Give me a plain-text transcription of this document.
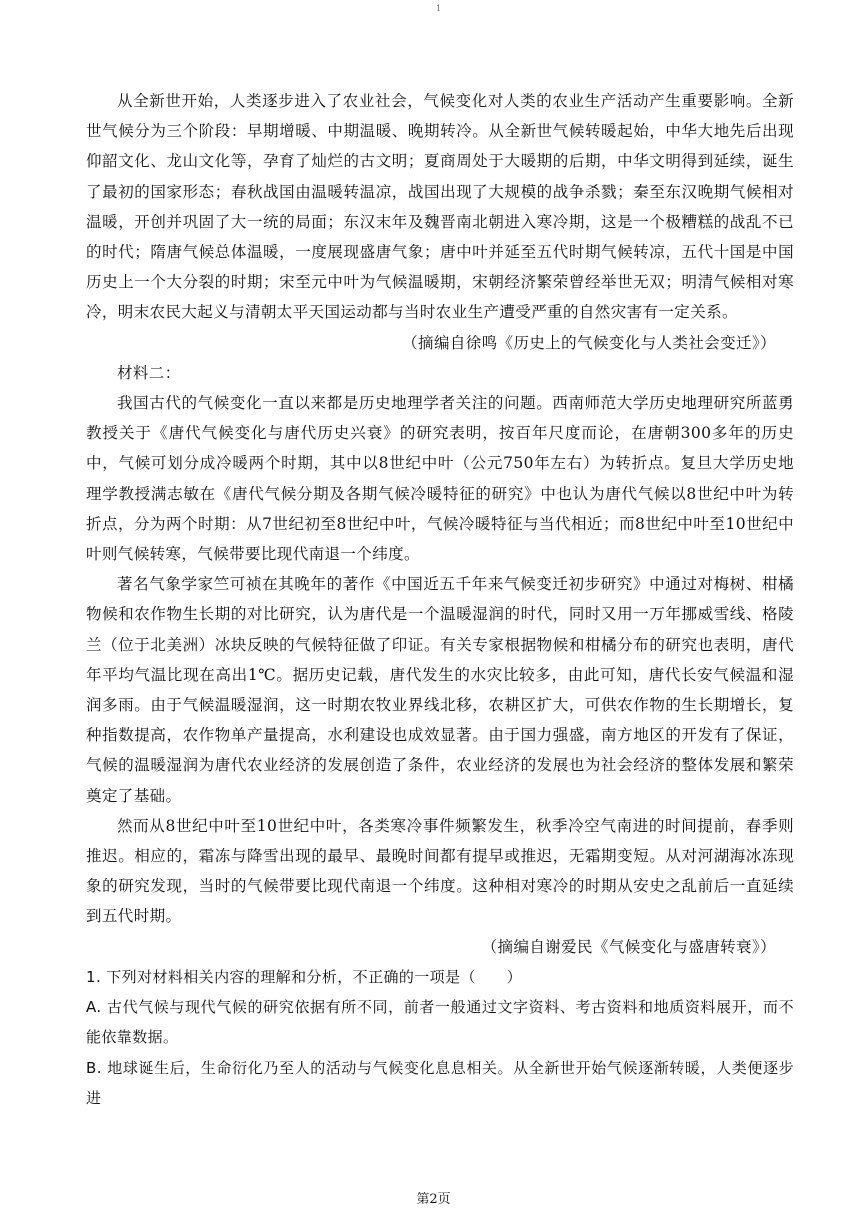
1

从全新世开始，人类逐步进入了农业社会，气候变化对人类的农业生产活动产生重要影响。全新世气候分为三个阶段：早期增暖、中期温暖、晚期转冷。从全新世气候转暖起始，中华大地先后出现仰韶文化、龙山文化等，孕育了灿烂的古文明；夏商周处于大暖期的后期，中华文明得到延续，诞生了最初的国家形态；春秋战国由温暖转温凉，战国出现了大规模的战争杀戮；秦至东汉晚期气候相对温暖，开创并巩固了大一统的局面；东汉末年及魏晋南北朝进入寒冷期，这是一个极糟糕的战乱不已的时代；隋唐气候总体温暖，一度展现盛唐气象；唐中叶并延至五代时期气候转凉，五代十国是中国历史上一个大分裂的时期；宋至元中叶为气候温暖期，宋朝经济繁荣曾经举世无双；明清气候相对寒冷，明末农民大起义与清朝太平天国运动都与当时农业生产遭受严重的自然灾害有一定关系。

（摘编自徐鸣《历史上的气候变化与人类社会变迁》）

材料二：

我国古代的气候变化一直以来都是历史地理学者关注的问题。西南师范大学历史地理研究所蓝勇教授关于《唐代气候变化与唐代历史兴衰》的研究表明，按百年尺度而论，在唐朝300多年的历史中，气候可划分成冷暖两个时期，其中以8世纪中叶（公元750年左右）为转折点。复旦大学历史地理学教授满志敏在《唐代气候分期及各期气候冷暖特征的研究》中也认为唐代气候以8世纪中叶为转折点，分为两个时期：从7世纪初至8世纪中叶，气候冷暖特征与当代相近；而8世纪中叶至10世纪中叶则气候转寒，气候带要比现代南退一个纬度。

著名气象学家竺可祯在其晚年的著作《中国近五千年来气候变迁初步研究》中通过对梅树、柑橘物候和农作物生长期的对比研究，认为唐代是一个温暖湿润的时代，同时又用一万年挪威雪线、格陵兰（位于北美洲）冰块反映的气候特征做了印证。有关专家根据物候和柑橘分布的研究也表明，唐代年平均气温比现在高出1℃。据历史记载，唐代发生的水灾比较多，由此可知，唐代长安气候温和湿润多雨。由于气候温暖湿润，这一时期农牧业界线北移，农耕区扩大，可供农作物的生长期增长，复种指数提高，农作物单产量提高，水利建设也成效显著。由于国力强盛，南方地区的开发有了保证，气候的温暖湿润为唐代农业经济的发展创造了条件，农业经济的发展也为社会经济的整体发展和繁荣奠定了基础。

然而从8世纪中叶至10世纪中叶，各类寒冷事件频繁发生，秋季冷空气南进的时间提前，春季则推迟。相应的，霜冻与降雪出现的最早、最晚时间都有提早或推迟，无霜期变短。从对河湖海冰冻现象的研究发现，当时的气候带要比现代南退一个纬度。这种相对寒冷的时期从安史之乱前后一直延续到五代时期。

（摘编自谢爱民《气候变化与盛唐转衰》）

1. 下列对材料相关内容的理解和分析，不正确的一项是（　　）

A. 古代气候与现代气候的研究依据有所不同，前者一般通过文字资料、考古资料和地质资料展开，而不能依靠数据。

B. 地球诞生后，生命衍化乃至人的活动与气候变化息息相关。从全新世开始气候逐渐转暖，人类便逐步进

第2页
